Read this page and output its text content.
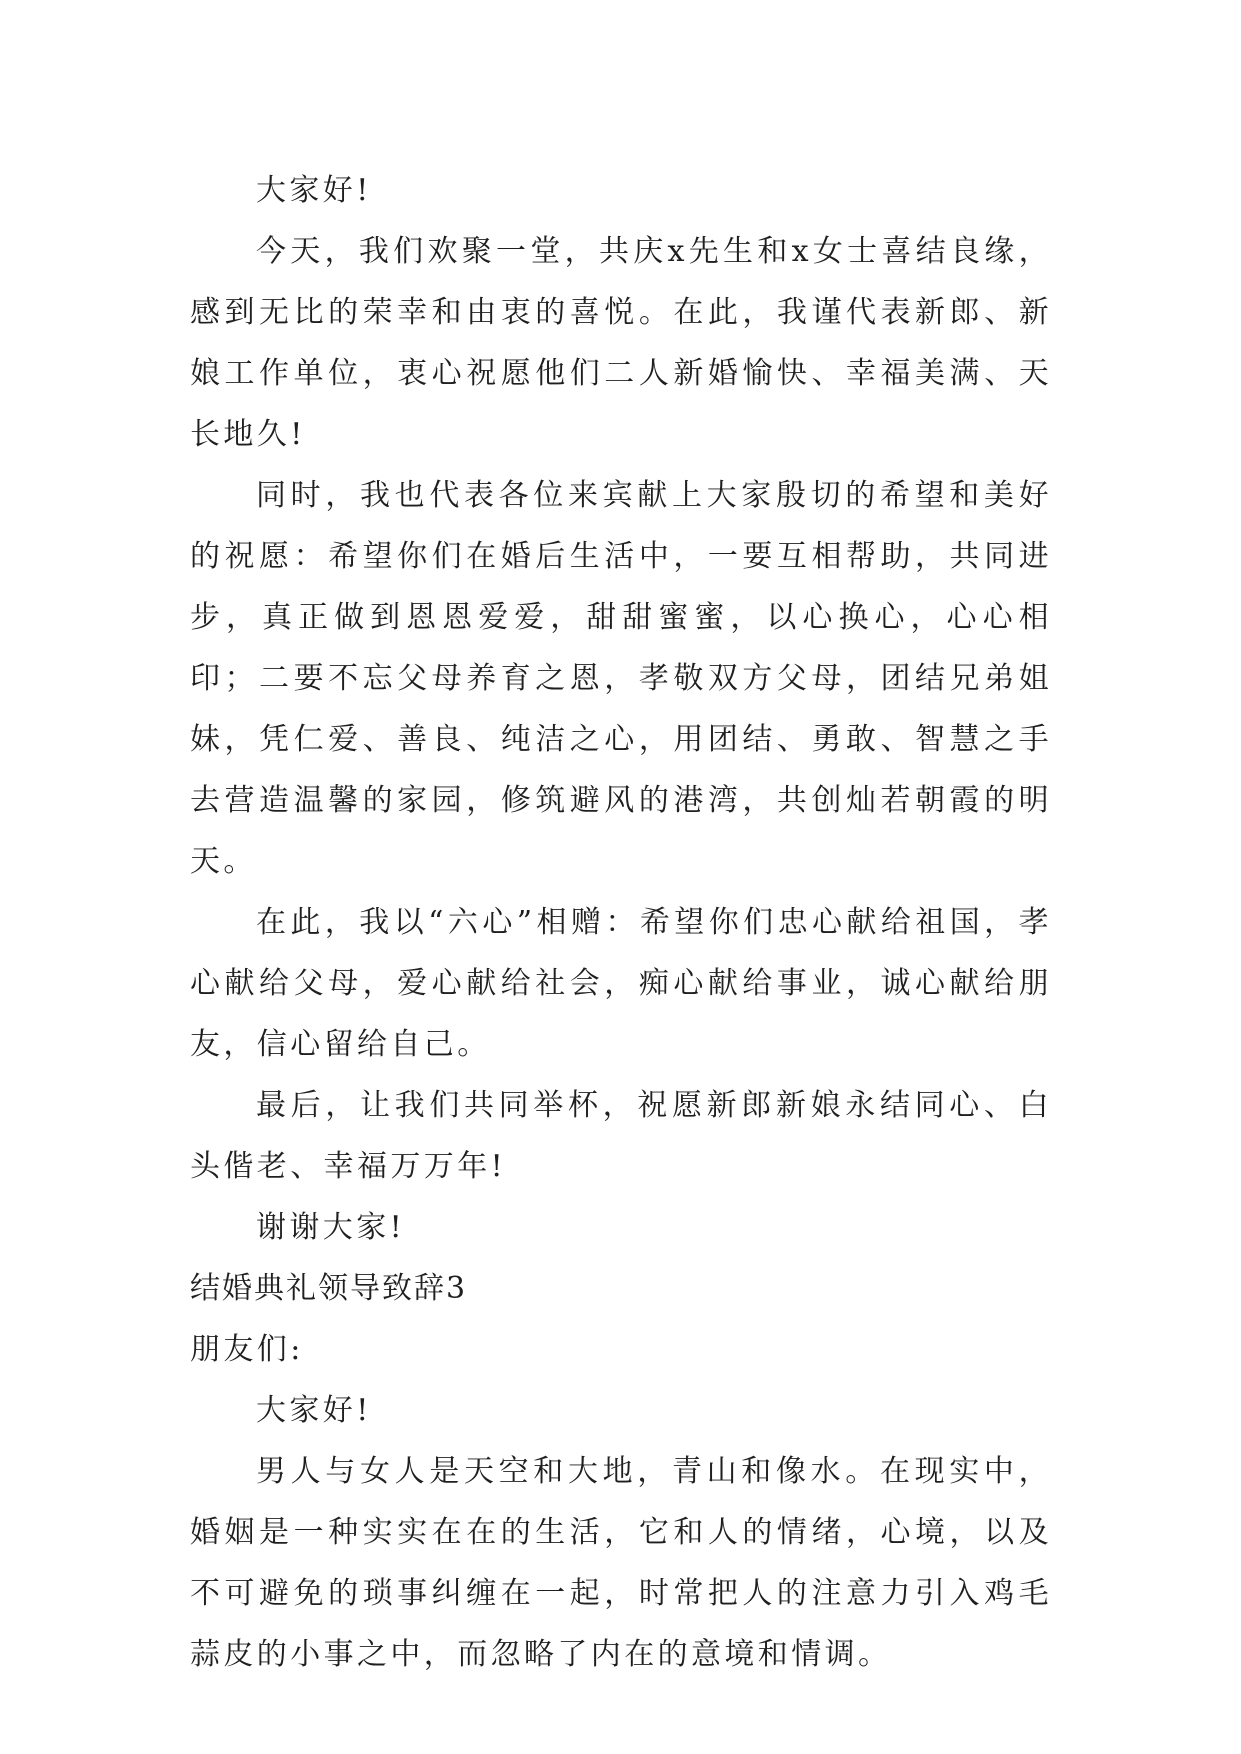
大家好!

今天，我们欢聚一堂，共庆x先生和x女士喜结良缘，感到无比的荣幸和由衷的喜悦。在此，我谨代表新郎、新娘工作单位，衷心祝愿他们二人新婚愉快、幸福美满、天长地久!

同时，我也代表各位来宾献上大家殷切的希望和美好的祝愿：希望你们在婚后生活中，一要互相帮助，共同进步，真正做到恩恩爱爱，甜甜蜜蜜，以心换心，心心相印；二要不忘父母养育之恩，孝敬双方父母，团结兄弟姐妹，凭仁爱、善良、纯洁之心，用团结、勇敢、智慧之手去营造温馨的家园，修筑避风的港湾，共创灿若朝霞的明天。

在此，我以“六心”相赠：希望你们忠心献给祖国，孝心献给父母，爱心献给社会，痴心献给事业，诚心献给朋友，信心留给自己。

最后，让我们共同举杯，祝愿新郎新娘永结同心、白头偕老、幸福万万年!

谢谢大家!

结婚典礼领导致辞3

朋友们:

大家好!

男人与女人是天空和大地，青山和像水。在现实中，婚姻是一种实实在在的生活，它和人的情绪，心境，以及不可避免的琐事纠缠在一起，时常把人的注意力引入鸡毛蒜皮的小事之中，而忽略了内在的意境和情调。
